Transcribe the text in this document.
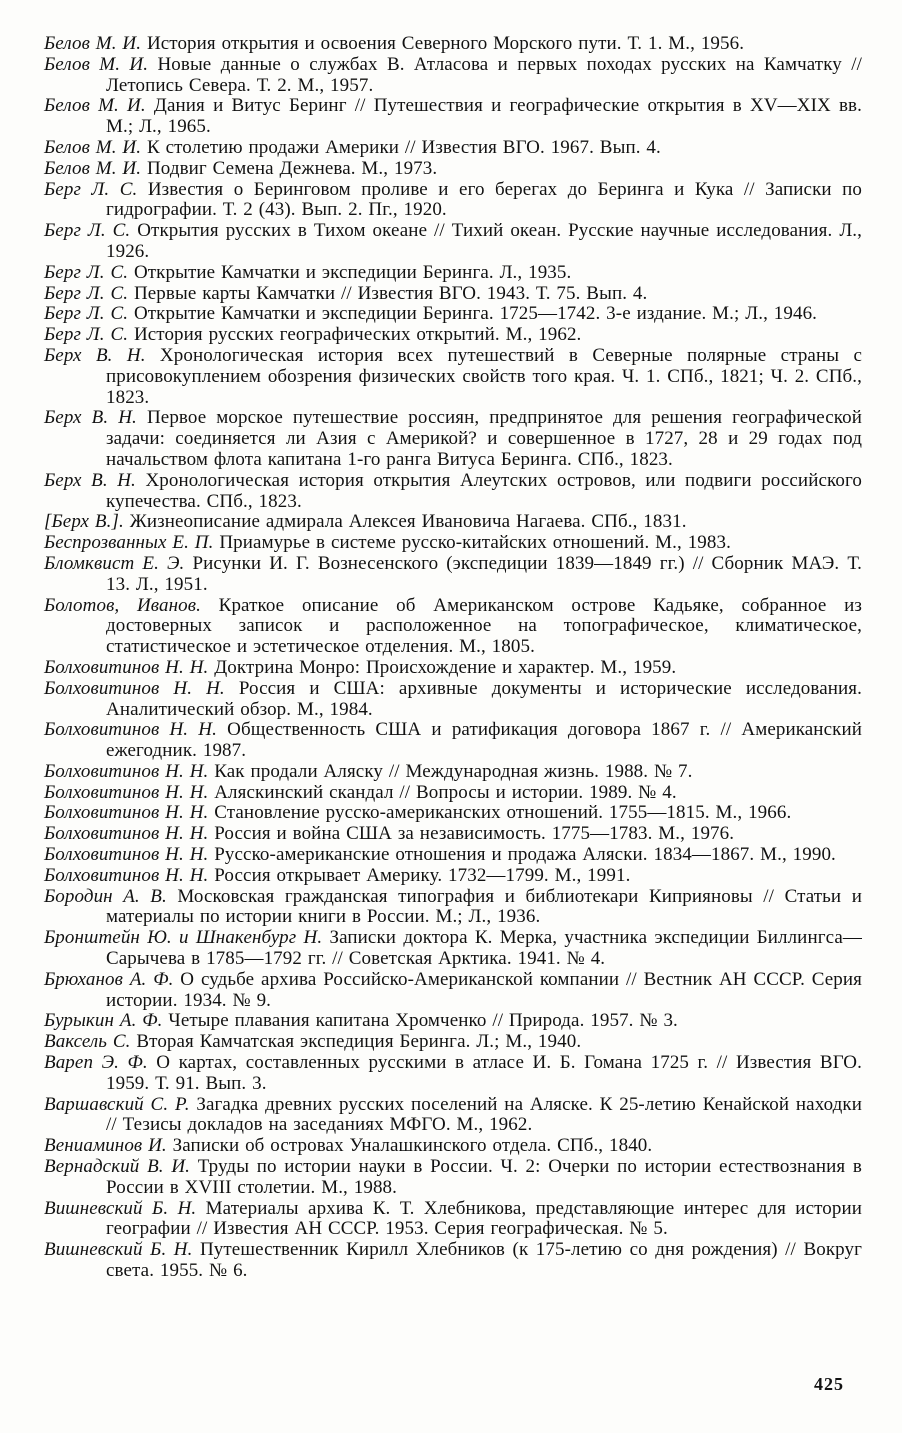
Белов М. И. История открытия и освоения Северного Морского пути. Т. 1. М., 1956.

Белов М. И. Новые данные о службах В. Атласова и первых походах русских на Камчатку // Летопись Севера. Т. 2. М., 1957.

Белов М. И. Дания и Витус Беринг // Путешествия и географические открытия в XV—XIX вв. М.; Л., 1965.

Белов М. И. К столетию продажи Америки // Известия ВГО. 1967. Вып. 4.

Белов М. И. Подвиг Семена Дежнева. М., 1973.

Берг Л. С. Известия о Беринговом проливе и его берегах до Беринга и Кука // Записки по гидрографии. Т. 2 (43). Вып. 2. Пг., 1920.

Берг Л. С. Открытия русских в Тихом океане // Тихий океан. Русские научные исследования. Л., 1926.

Берг Л. С. Открытие Камчатки и экспедиции Беринга. Л., 1935.

Берг Л. С. Первые карты Камчатки // Известия ВГО. 1943. Т. 75. Вып. 4.

Берг Л. С. Открытие Камчатки и экспедиции Беринга. 1725—1742. 3-е издание. М.; Л., 1946.

Берг Л. С. История русских географических открытий. М., 1962.

Берх В. Н. Хронологическая история всех путешествий в Северные полярные страны с присовокуплением обозрения физических свойств того края. Ч. 1. СПб., 1821; Ч. 2. СПб., 1823.

Берх В. Н. Первое морское путешествие россиян, предпринятое для решения географической задачи: соединяется ли Азия с Америкой? и совершенное в 1727, 28 и 29 годах под начальством флота капитана 1-го ранга Витуса Беринга. СПб., 1823.

Берх В. Н. Хронологическая история открытия Алеутских островов, или подвиги российского купечества. СПб., 1823.

[Берх В.]. Жизнеописание адмирала Алексея Ивановича Нагаева. СПб., 1831.

Беспрозванных Е. П. Приамурье в системе русско-китайских отношений. М., 1983.

Бломквист Е. Э. Рисунки И. Г. Вознесенского (экспедиции 1839—1849 гг.) // Сборник МАЭ. Т. 13. Л., 1951.

Болотов, Иванов. Краткое описание об Американском острове Кадьяке, собранное из достоверных записок и расположенное на топографическое, климатическое, статистическое и эстетическое отделения. М., 1805.

Болховитинов Н. Н. Доктрина Монро: Происхождение и характер. М., 1959.

Болховитинов Н. Н. Россия и США: архивные документы и исторические исследования. Аналитический обзор. М., 1984.

Болховитинов Н. Н. Общественность США и ратификация договора 1867 г. // Американский ежегодник. 1987.

Болховитинов Н. Н. Как продали Аляску // Международная жизнь. 1988. № 7.

Болховитинов Н. Н. Аляскинский скандал // Вопросы и истории. 1989. № 4.

Болховитинов Н. Н. Становление русско-американских отношений. 1755—1815. М., 1966.

Болховитинов Н. Н. Россия и война США за независимость. 1775—1783. М., 1976.

Болховитинов Н. Н. Русско-американские отношения и продажа Аляски. 1834—1867. М., 1990.

Болховитинов Н. Н. Россия открывает Америку. 1732—1799. М., 1991.

Бородин А. В. Московская гражданская типография и библиотекари Киприяновы // Статьи и материалы по истории книги в России. М.; Л., 1936.

Бронштейн Ю. и Шнакенбург Н. Записки доктора К. Мерка, участника экспедиции Биллингса—Сарычева в 1785—1792 гг. // Советская Арктика. 1941. № 4.

Брюханов А. Ф. О судьбе архива Российско-Американской компании // Вестник АН СССР. Серия истории. 1934. № 9.

Бурыкин А. Ф. Четыре плавания капитана Хромченко // Природа. 1957. № 3.

Ваксель С. Вторая Камчатская экспедиция Беринга. Л.; М., 1940.

Вареп Э. Ф. О картах, составленных русскими в атласе И. Б. Гомана 1725 г. // Известия ВГО. 1959. Т. 91. Вып. 3.

Варшавский С. Р. Загадка древних русских поселений на Аляске. К 25-летию Кенайской находки // Тезисы докладов на заседаниях МФГО. М., 1962.

Вениаминов И. Записки об островах Уналашкинского отдела. СПб., 1840.

Вернадский В. И. Труды по истории науки в России. Ч. 2: Очерки по истории естествознания в России в XVIII столетии. М., 1988.

Вишневский Б. Н. Материалы архива К. Т. Хлебникова, представляющие интерес для истории географии // Известия АН СССР. 1953. Серия географическая. № 5.

Вишневский Б. Н. Путешественник Кирилл Хлебников (к 175-летию со дня рождения) // Вокруг света. 1955. № 6.

425
